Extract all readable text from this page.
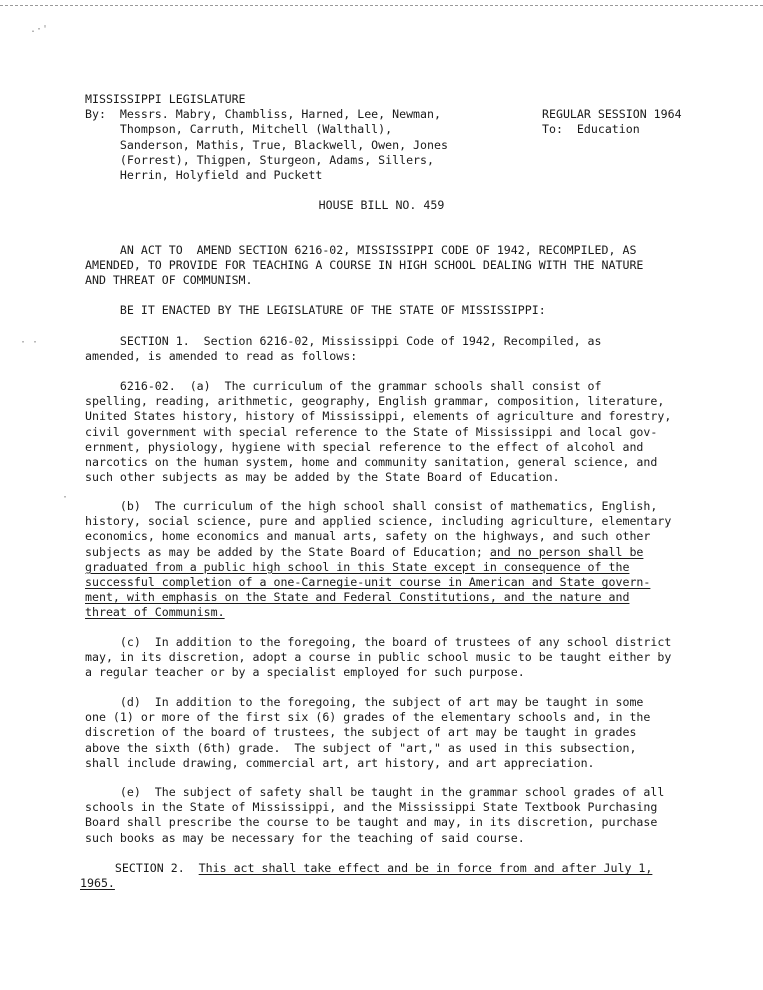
.·'
· ·
·
MISSISSIPPI LEGISLATURE
By:  Messrs. Mabry, Chambliss, Harned, Lee, Newman,
Thompson, Carruth, Mitchell (Walthall),
Sanderson, Mathis, True, Blackwell, Owen, Jones
(Forrest), Thigpen, Sturgeon, Adams, Sillers,
Herrin, Holyfield and Puckett
REGULAR SESSION 1964
To:  Education
HOUSE BILL NO. 459
AN ACT TO  AMEND SECTION 6216-02, MISSISSIPPI CODE OF 1942, RECOMPILED, AS
AMENDED, TO PROVIDE FOR TEACHING A COURSE IN HIGH SCHOOL DEALING WITH THE NATURE
AND THREAT OF COMMUNISM.
BE IT ENACTED BY THE LEGISLATURE OF THE STATE OF MISSISSIPPI:
SECTION 1.  Section 6216-02, Mississippi Code of 1942, Recompiled, as
amended, is amended to read as follows:
6216-02.  (a)  The curriculum of the grammar schools shall consist of
spelling, reading, arithmetic, geography, English grammar, composition, literature,
United States history, history of Mississippi, elements of agriculture and forestry,
civil government with special reference to the State of Mississippi and local gov-
ernment, physiology, hygiene with special reference to the effect of alcohol and
narcotics on the human system, home and community sanitation, general science, and
such other subjects as may be added by the State Board of Education.
(b)  The curriculum of the high school shall consist of mathematics, English,
history, social science, pure and applied science, including agriculture, elementary
economics, home economics and manual arts, safety on the highways, and such other
subjects as may be added by the State Board of Education; and no person shall be
graduated from a public high school in this State except in consequence of the
successful completion of a one-Carnegie-unit course in American and State govern-
ment, with emphasis on the State and Federal Constitutions, and the nature and
threat of Communism.
(c)  In addition to the foregoing, the board of trustees of any school district
may, in its discretion, adopt a course in public school music to be taught either by
a regular teacher or by a specialist employed for such purpose.
(d)  In addition to the foregoing, the subject of art may be taught in some
one (1) or more of the first six (6) grades of the elementary schools and, in the
discretion of the board of trustees, the subject of art may be taught in grades
above the sixth (6th) grade.  The subject of "art," as used in this subsection,
shall include drawing, commercial art, art history, and art appreciation.
(e)  The subject of safety shall be taught in the grammar school grades of all
schools in the State of Mississippi, and the Mississippi State Textbook Purchasing
Board shall prescribe the course to be taught and may, in its discretion, purchase
such books as may be necessary for the teaching of said course.
SECTION 2.  This act shall take effect and be in force from and after July 1,
1965.
